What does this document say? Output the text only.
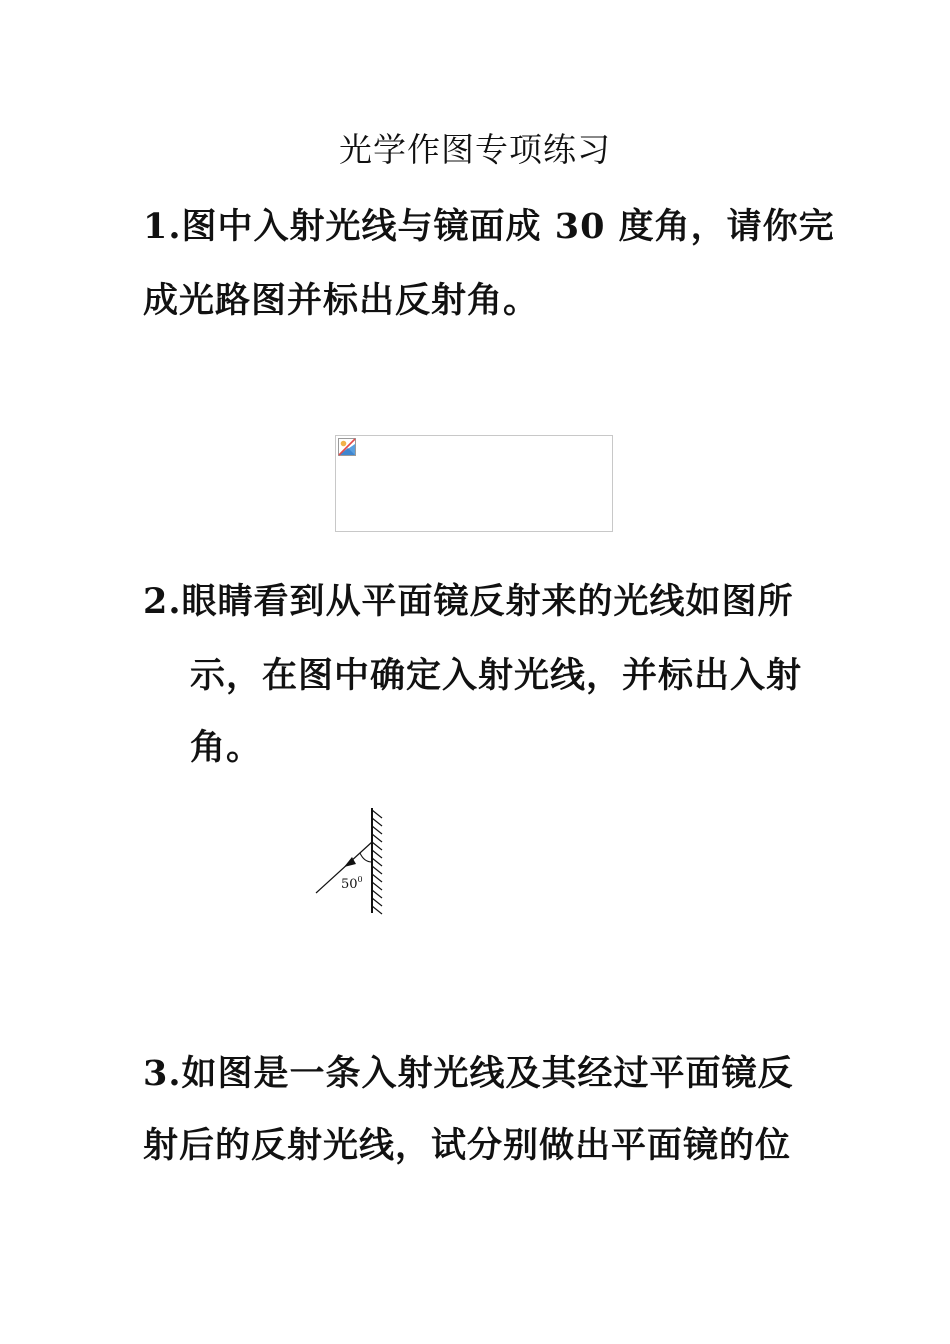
光学作图专项练习
1.图中入射光线与镜面成 30 度角，请你完
成光路图并标出反射角。
2.眼睛看到从平面镜反射来的光线如图所
示，在图中确定入射光线，并标出入射
角。
$50^0$
3.如图是一条入射光线及其经过平面镜反
射后的反射光线，试分别做出平面镜的位
